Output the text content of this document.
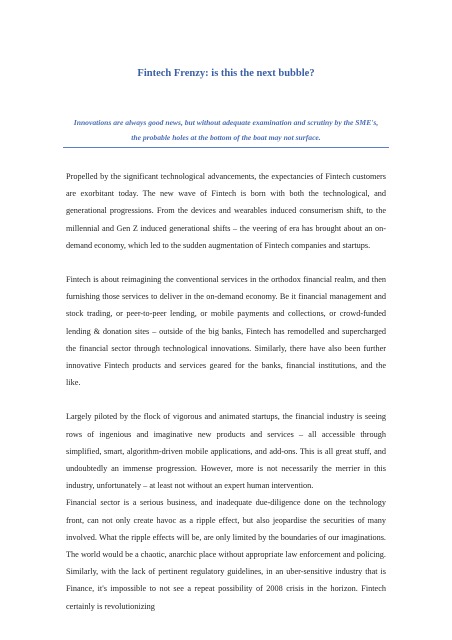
Fintech Frenzy: is this the next bubble?
Innovations are always good news, but without adequate examination and scrutiny by the SME's, the probable holes at the bottom of the boat may not surface.

Propelled by the significant technological advancements, the expectancies of Fintech customers are exorbitant today. The new wave of Fintech is born with both the technological, and generational progressions. From the devices and wearables induced consumerism shift, to the millennial and Gen Z induced generational shifts – the veering of era has brought about an on-demand economy, which led to the sudden augmentation of Fintech companies and startups.

Fintech is about reimagining the conventional services in the orthodox financial realm, and then furnishing those services to deliver in the on-demand economy. Be it financial management and stock trading, or peer-to-peer lending, or mobile payments and collections, or crowd-funded lending & donation sites – outside of the big banks, Fintech has remodelled and supercharged the financial sector through technological innovations. Similarly, there have also been further innovative Fintech products and services geared for the banks, financial institutions, and the like.

Largely piloted by the flock of vigorous and animated startups, the financial industry is seeing rows of ingenious and imaginative new products and services – all accessible through simplified, smart, algorithm-driven mobile applications, and add-ons. This is all great stuff, and undoubtedly an immense progression. However, more is not necessarily the merrier in this industry, unfortunately – at least not without an expert human intervention.

Financial sector is a serious business, and inadequate due-diligence done on the technology front, can not only create havoc as a ripple effect, but also jeopardise the securities of many involved. What the ripple effects will be, are only limited by the boundaries of our imaginations. The world would be a chaotic, anarchic place without appropriate law enforcement and policing. Similarly, with the lack of pertinent regulatory guidelines, in an uber-sensitive industry that is Finance, it's impossible to not see a repeat possibility of 2008 crisis in the horizon. Fintech certainly is revolutionizing
